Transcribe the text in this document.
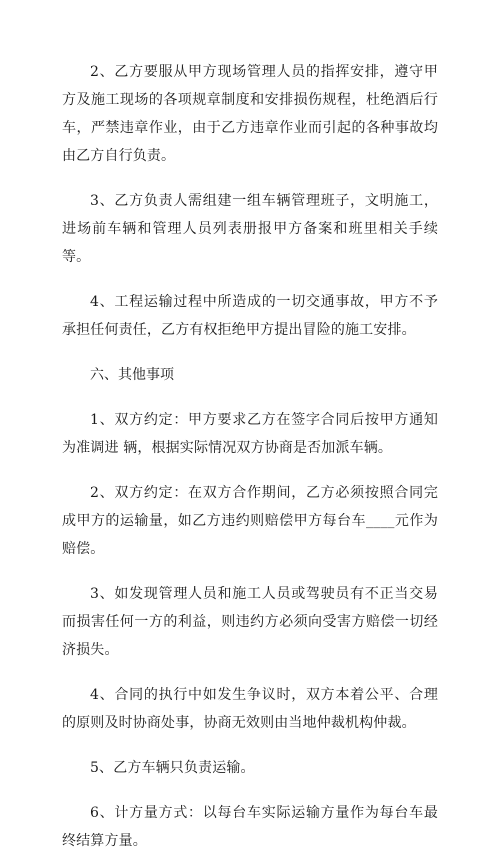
2、乙方要服从甲方现场管理人员的指挥安排，遵守甲方及施工现场的各项规章制度和安排损伤规程，杜绝酒后行车，严禁违章作业，由于乙方违章作业而引起的各种事故均由乙方自行负责。

3、乙方负责人需组建一组车辆管理班子，文明施工，进场前车辆和管理人员列表册报甲方备案和班里相关手续等。

4、工程运输过程中所造成的一切交通事故，甲方不予承担任何责任，乙方有权拒绝甲方提出冒险的施工安排。

六、其他事项

1、双方约定：甲方要求乙方在签字合同后按甲方通知为准调进 辆，根据实际情况双方协商是否加派车辆。

2、双方约定：在双方合作期间，乙方必须按照合同完成甲方的运输量，如乙方违约则赔偿甲方每台车____元作为赔偿。

3、如发现管理人员和施工人员或驾驶员有不正当交易而损害任何一方的利益，则违约方必须向受害方赔偿一切经济损失。

4、合同的执行中如发生争议时，双方本着公平、合理的原则及时协商处事，协商无效则由当地仲裁机构仲裁。

5、乙方车辆只负责运输。

6、计方量方式：以每台车实际运输方量作为每台车最终结算方量。
